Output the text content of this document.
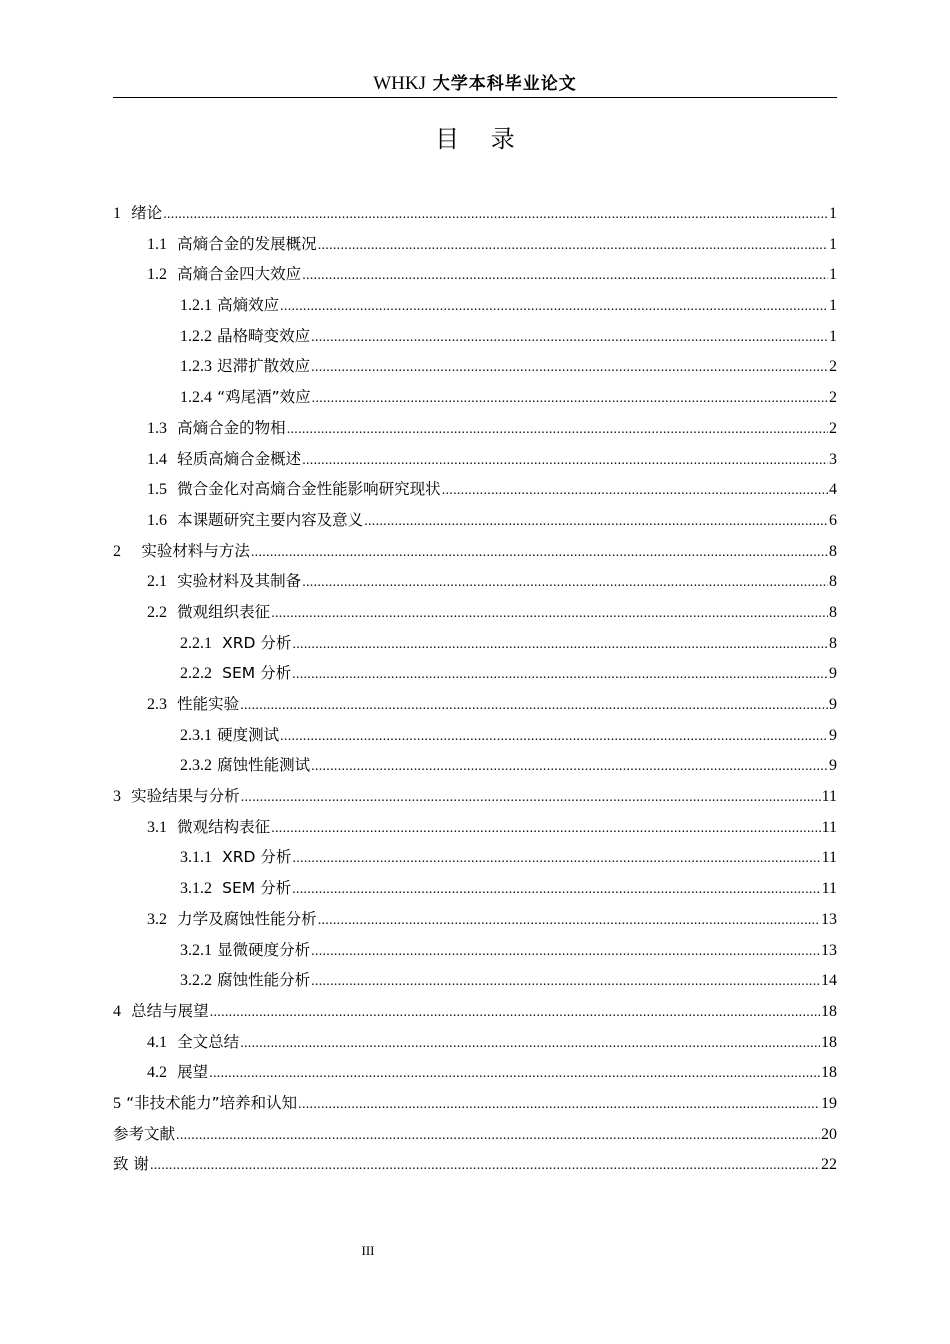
WHKJ 大学本科毕业论文
目 录
1 绪论 .....	1
1.1 高熵合金的发展概况 .....	1
1.2 高熵合金四大效应 .....	1
1.2.1 高熵效应 .....	1
1.2.2 晶格畸变效应 .....	1
1.2.3 迟滞扩散效应 .....	2
1.2.4 “鸡尾酒”效应 .....	2
1.3 高熵合金的物相 .....	2
1.4 轻质高熵合金概述 .....	3
1.5 微合金化对高熵合金性能影响研究现状 .....	4
1.6 本课题研究主要内容及意义 .....	6
2 实验材料与方法 .....	8
2.1 实验材料及其制备 .....	8
2.2 微观组织表征 .....	8
2.2.1 XRD 分析 .....	8
2.2.2 SEM 分析 .....	9
2.3 性能实验 .....	9
2.3.1 硬度测试 .....	9
2.3.2 腐蚀性能测试 .....	9
3 实验结果与分析 .....	11
3.1 微观结构表征 .....	11
3.1.1 XRD 分析 .....	11
3.1.2 SEM 分析 .....	11
3.2 力学及腐蚀性能分析 .....	13
3.2.1 显微硬度分析 .....	13
3.2.2 腐蚀性能分析 .....	14
4 总结与展望 .....	18
4.1 全文总结 .....	18
4.2 展望 .....	18
5 “非技术能力”培养和认知 .....	19
参考文献 .....	20
致 谢 .....	22
III
